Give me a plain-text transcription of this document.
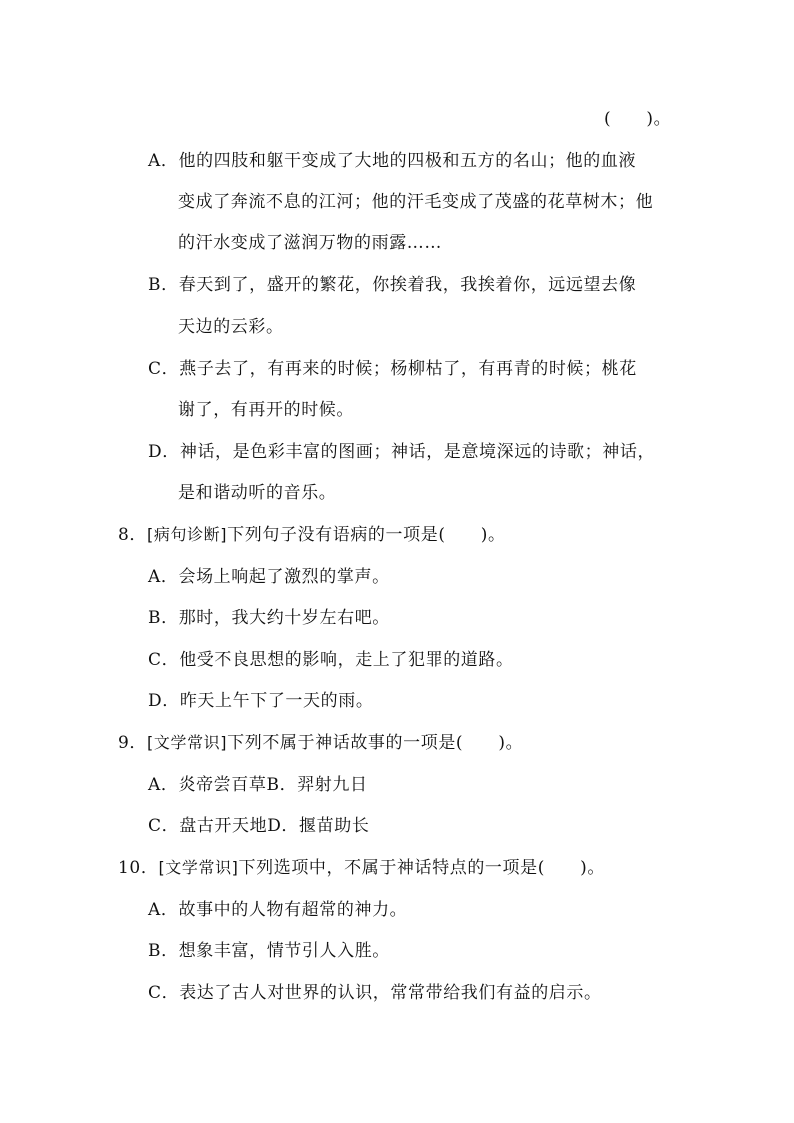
(　　)。
A．他的四肢和躯干变成了大地的四极和五方的名山；他的血液
变成了奔流不息的江河；他的汗毛变成了茂盛的花草树木；他
的汗水变成了滋润万物的雨露……
B．春天到了，盛开的繁花，你挨着我，我挨着你，远远望去像
天边的云彩。
C．燕子去了，有再来的时候；杨柳枯了，有再青的时候；桃花
谢了，有再开的时候。
D．神话，是色彩丰富的图画；神话，是意境深远的诗歌；神话，
是和谐动听的音乐。
8．[病句诊断]下列句子没有语病的一项是(　　)。
A．会场上响起了激烈的掌声。
B．那时，我大约十岁左右吧。
C．他受不良思想的影响，走上了犯罪的道路。
D．昨天上午下了一天的雨。
9．[文学常识]下列不属于神话故事的一项是(　　)。
A．炎帝尝百草B．羿射九日
C．盘古开天地D．揠苗助长
10．[文学常识]下列选项中，不属于神话特点的一项是(　　)。
A．故事中的人物有超常的神力。
B．想象丰富，情节引人入胜。
C．表达了古人对世界的认识，常常带给我们有益的启示。
